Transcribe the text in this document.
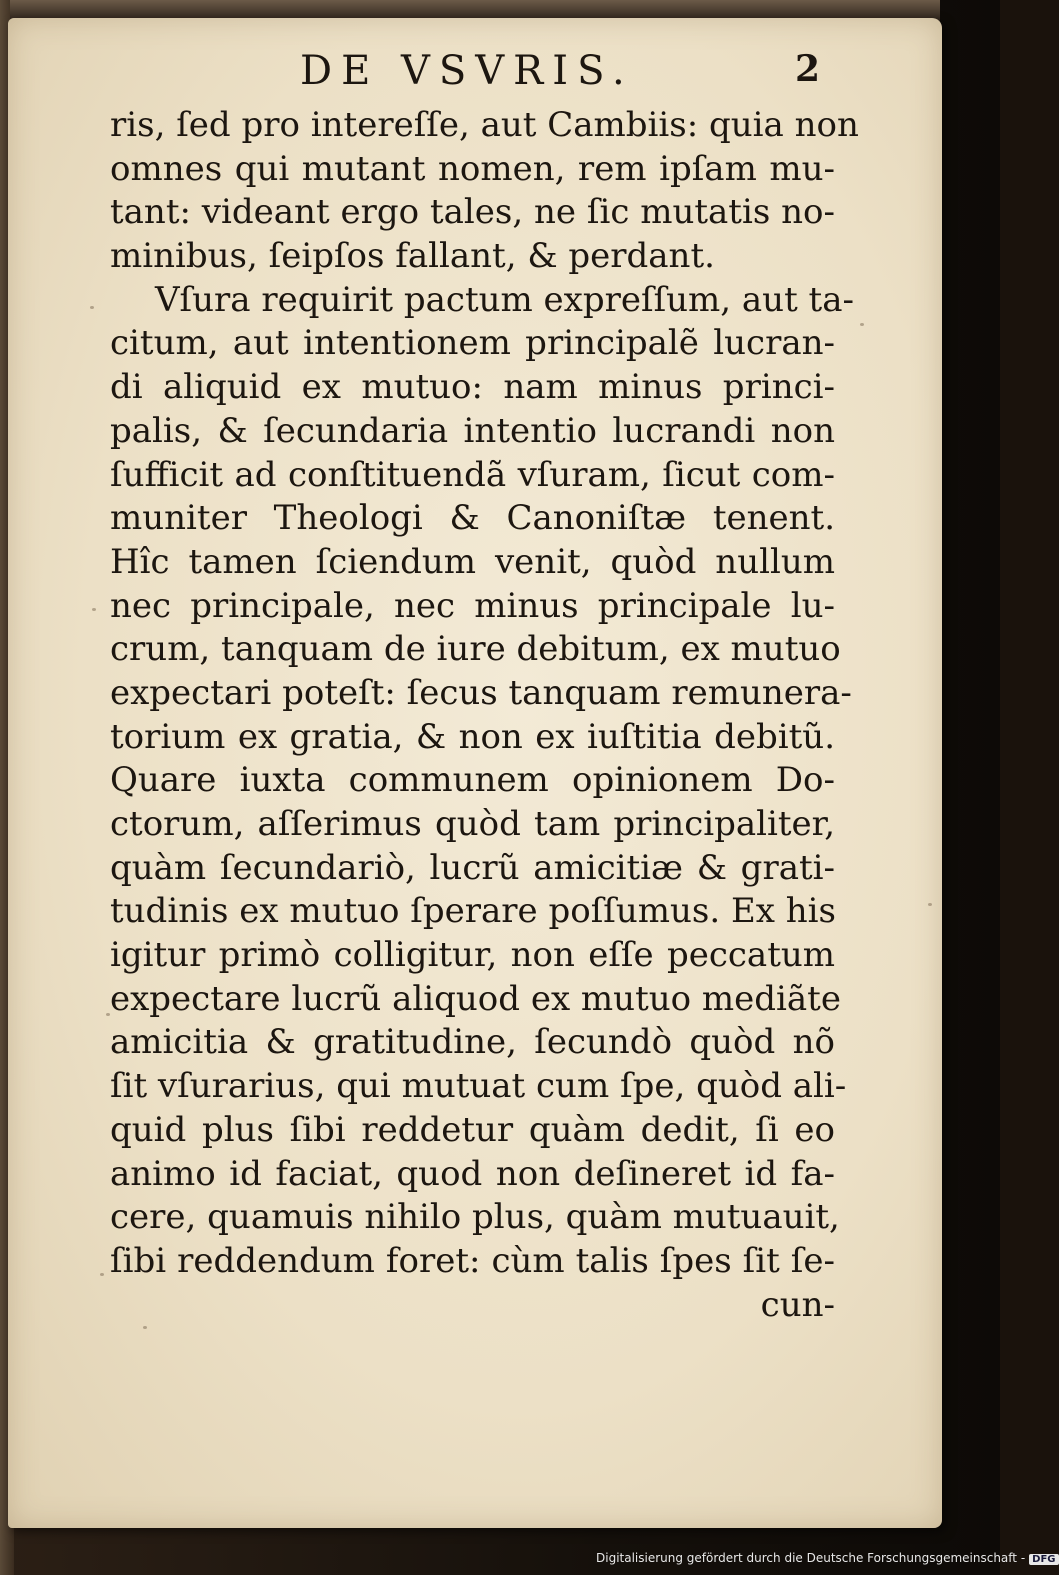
DE VSVRIS.	2
ris, ſed pro intereſſe, aut Cambiis: quia non
omnes qui mutant nomen, rem ipſam mu-
tant: videant ergo tales, ne ſic mutatis no-
minibus, ſeipſos fallant, & perdant.
Vſura requirit pactum expreſſum, aut ta-
citum, aut intentionem principalẽ lucran-
di aliquid ex mutuo: nam minus princi-
palis, & ſecundaria intentio lucrandi non
ſufficit ad conſtituendã vſuram, ſicut com-
muniter Theologi & Canoniſtæ tenent.
Hîc tamen ſciendum venit, quòd nullum
nec principale, nec minus principale lu-
crum, tanquam de iure debitum, ex mutuo
expectari poteſt: ſecus tanquam remunera-
torium ex gratia, & non ex iuſtitia debitũ.
Quare iuxta communem opinionem Do-
ctorum, aſſerimus quòd tam principaliter,
quàm ſecundariò, lucrũ amicitiæ & grati-
tudinis ex mutuo ſperare poſſumus. Ex his
igitur primò colligitur, non eſſe peccatum
expectare lucrũ aliquod ex mutuo mediãte
amicitia & gratitudine, ſecundò quòd nõ
ſit vſurarius, qui mutuat cum ſpe, quòd ali-
quid plus ſibi reddetur quàm dedit, ſi eo
animo id faciat, quod non deſineret id fa-
cere, quamuis nihilo plus, quàm mutuauit,
ſibi reddendum foret: cùm talis ſpes ſit ſe-
cun-
Digitalisierung gefördert durch die Deutsche Forschungsgemeinschaft - DFG
